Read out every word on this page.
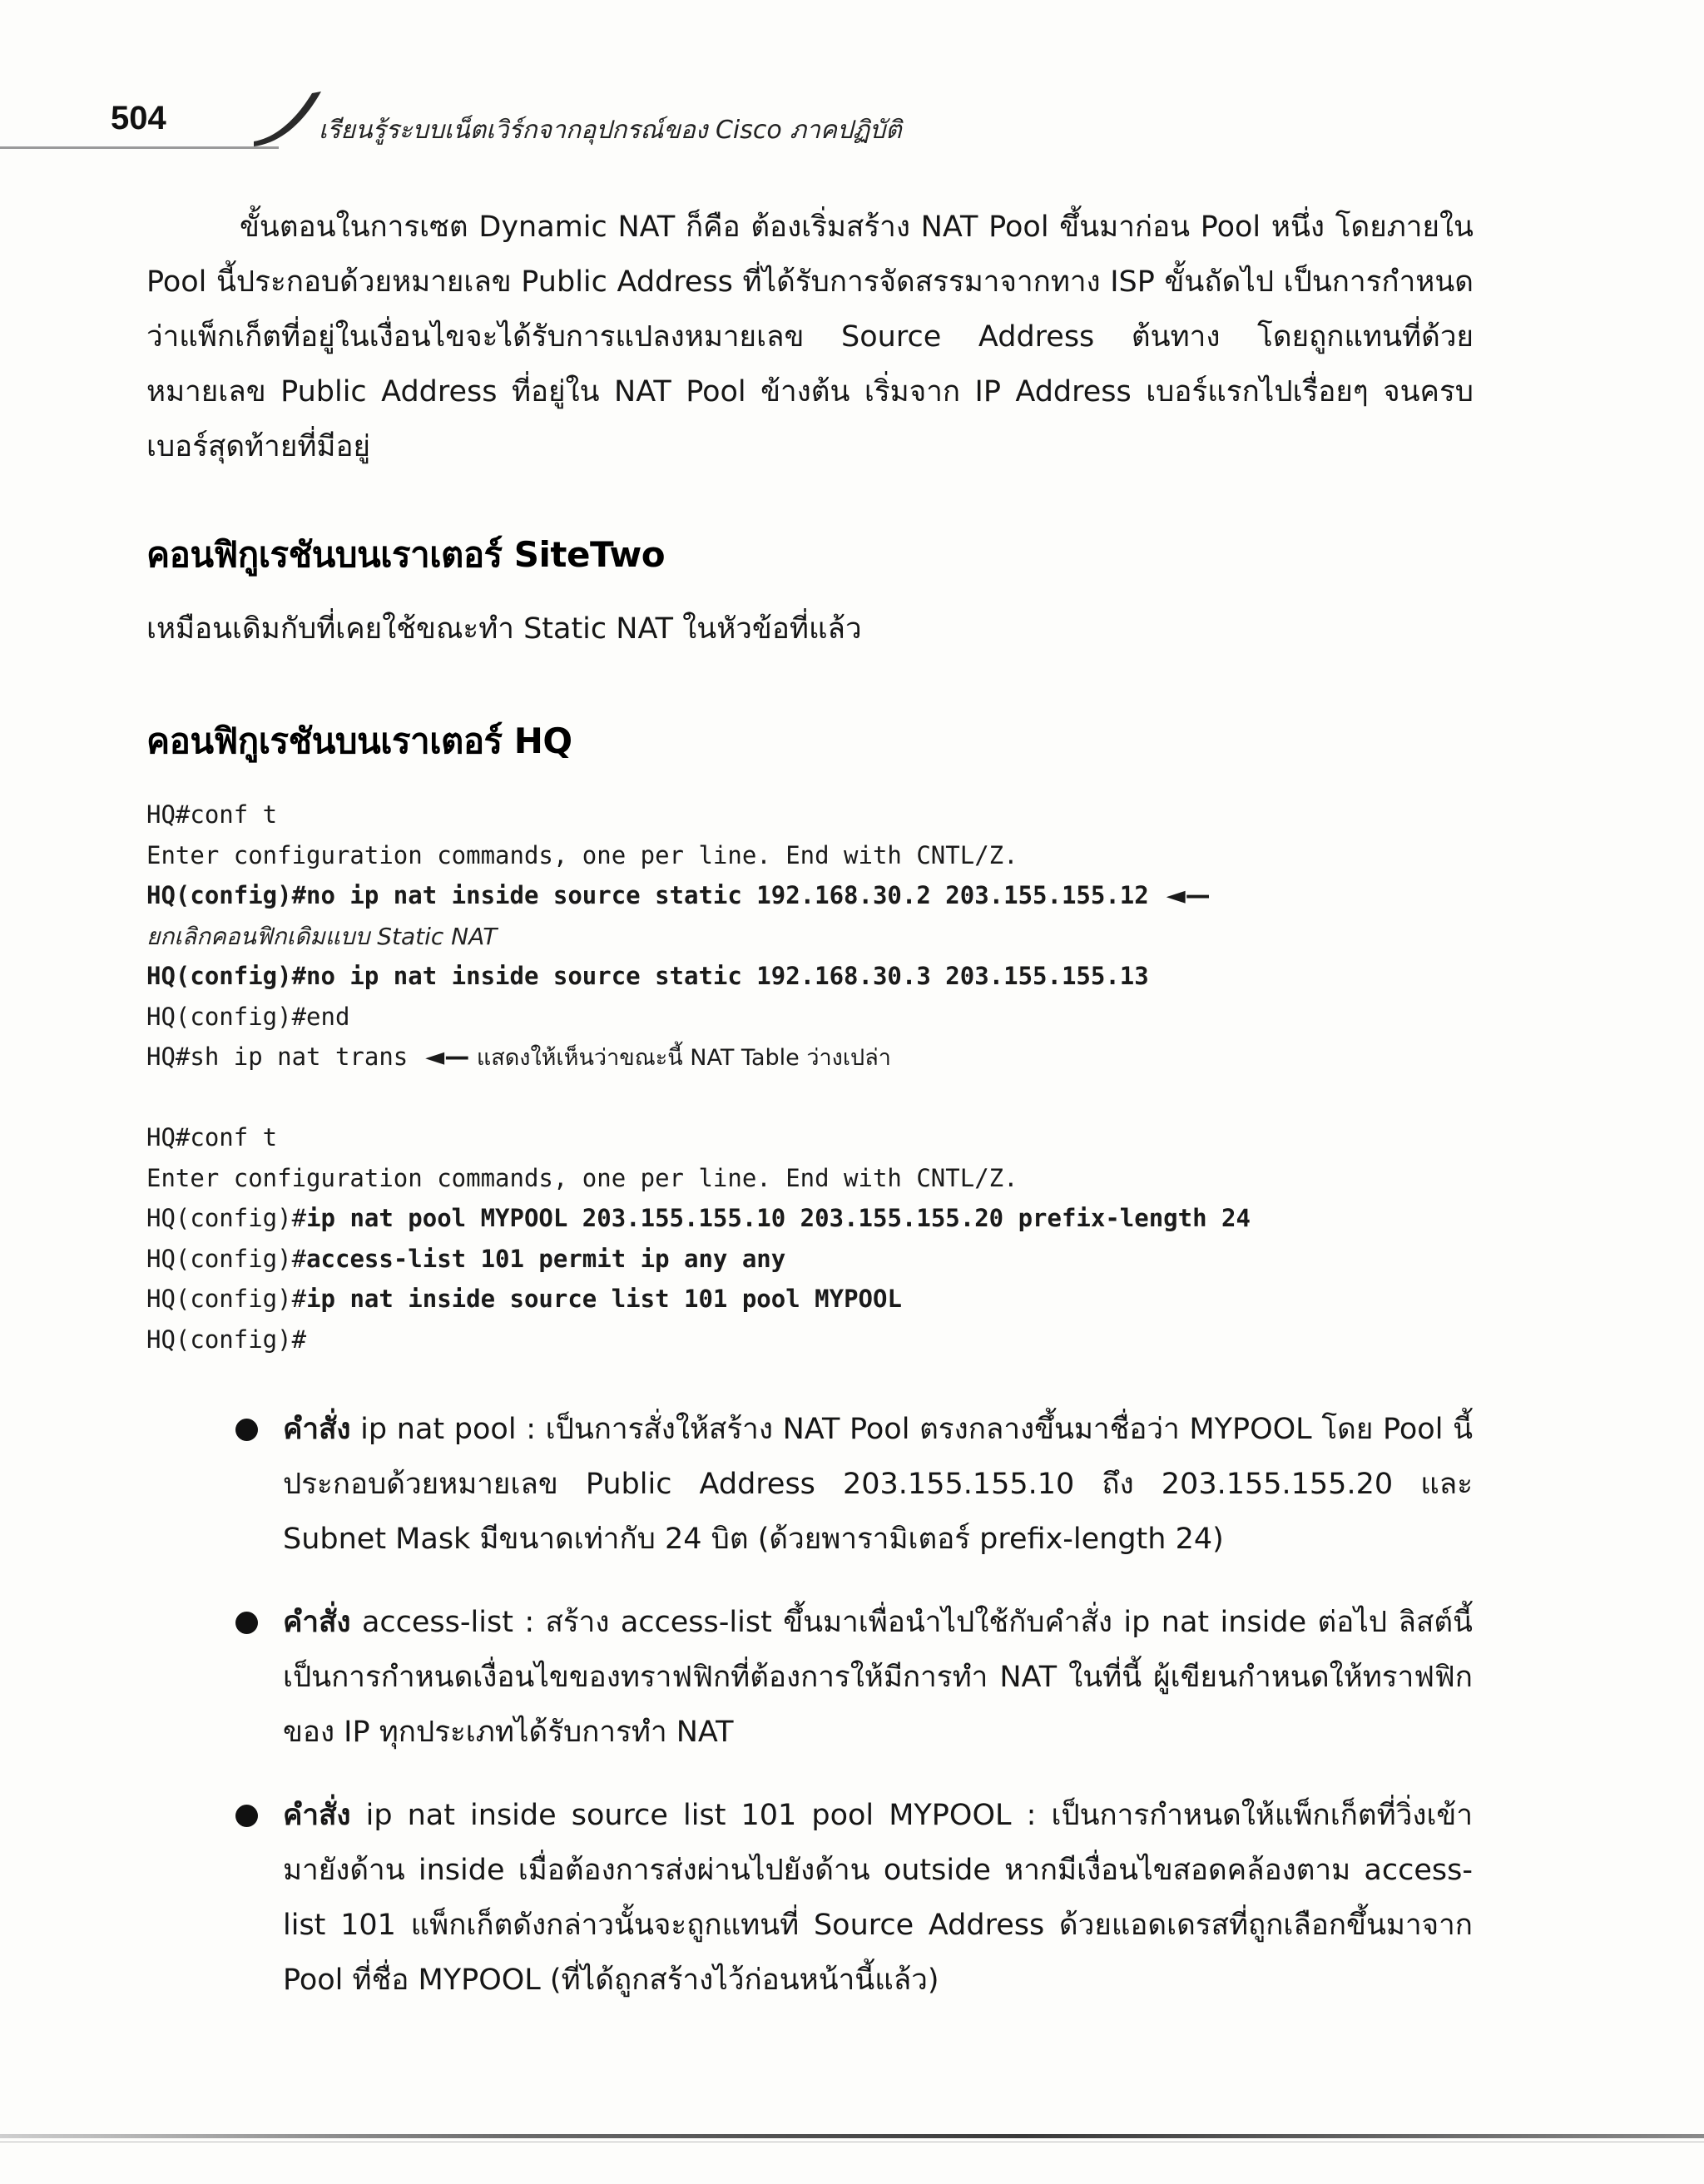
504	เรียนรู้ระบบเน็ตเวิร์กจากอุปกรณ์ของ Cisco ภาคปฏิบัติ

ขั้นตอนในการเซต Dynamic NAT ก็คือ ต้องเริ่มสร้าง NAT Pool ขึ้นมาก่อน Pool หนึ่ง โดยภายใน Pool นี้ประกอบด้วยหมายเลข Public Address ที่ได้รับการจัดสรรมาจากทาง ISP ขั้นถัดไป เป็นการกำหนดว่าแพ็กเก็ตที่อยู่ในเงื่อนไขจะได้รับการแปลงหมายเลข Source Address ต้นทาง โดยถูกแทนที่ด้วยหมายเลข Public Address ที่อยู่ใน NAT Pool ข้างต้น เริ่มจาก IP Address เบอร์แรกไปเรื่อยๆ จนครบเบอร์สุดท้ายที่มีอยู่

คอนฟิกูเรชันบนเราเตอร์ SiteTwo
เหมือนเดิมกับที่เคยใช้ขณะทำ Static NAT ในหัวข้อที่แล้ว
คอนฟิกูเรชันบนเราเตอร์ HQ
HQ#conf t
Enter configuration commands, one per line. End with CNTL/Z.
HQ(config)#no ip nat inside source static 192.168.30.2 203.155.155.12  ◄—
ยกเลิกคอนฟิกเดิมแบบ Static NAT
HQ(config)#no ip nat inside source static 192.168.30.3 203.155.155.13
HQ(config)#end
HQ#sh ip nat trans  ◄— แสดงให้เห็นว่าขณะนี้ NAT Table ว่างเปล่า
HQ#conf t
Enter configuration commands, one per line. End with CNTL/Z.
HQ(config)#ip nat pool MYPOOL 203.155.155.10 203.155.155.20 prefix-length 24
HQ(config)#access-list 101 permit ip any any
HQ(config)#ip nat inside source list 101 pool MYPOOL
HQ(config)#

คำสั่ง ip nat pool : เป็นการสั่งให้สร้าง NAT Pool ตรงกลางขึ้นมาชื่อว่า MYPOOL โดย Pool นี้ประกอบด้วยหมายเลข Public Address 203.155.155.10 ถึง 203.155.155.20 และ Subnet Mask มีขนาดเท่ากับ 24 บิต (ด้วยพารามิเตอร์ prefix-length 24)

คำสั่ง access-list : สร้าง access-list ขึ้นมาเพื่อนำไปใช้กับคำสั่ง ip nat inside ต่อไป ลิสต์นี้เป็นการกำหนดเงื่อนไขของทราฟฟิกที่ต้องการให้มีการทำ NAT ในที่นี้ ผู้เขียนกำหนดให้ทราฟฟิกของ IP ทุกประเภทได้รับการทำ NAT

คำสั่ง ip nat inside source list 101 pool MYPOOL : เป็นการกำหนดให้แพ็กเก็ตที่วิ่งเข้ามายังด้าน inside เมื่อต้องการส่งผ่านไปยังด้าน outside หากมีเงื่อนไขสอดคล้องตาม access-list 101 แพ็กเก็ตดังกล่าวนั้นจะถูกแทนที่ Source Address ด้วยแอดเดรสที่ถูกเลือกขึ้นมาจาก Pool ที่ชื่อ MYPOOL (ที่ได้ถูกสร้างไว้ก่อนหน้านี้แล้ว)
